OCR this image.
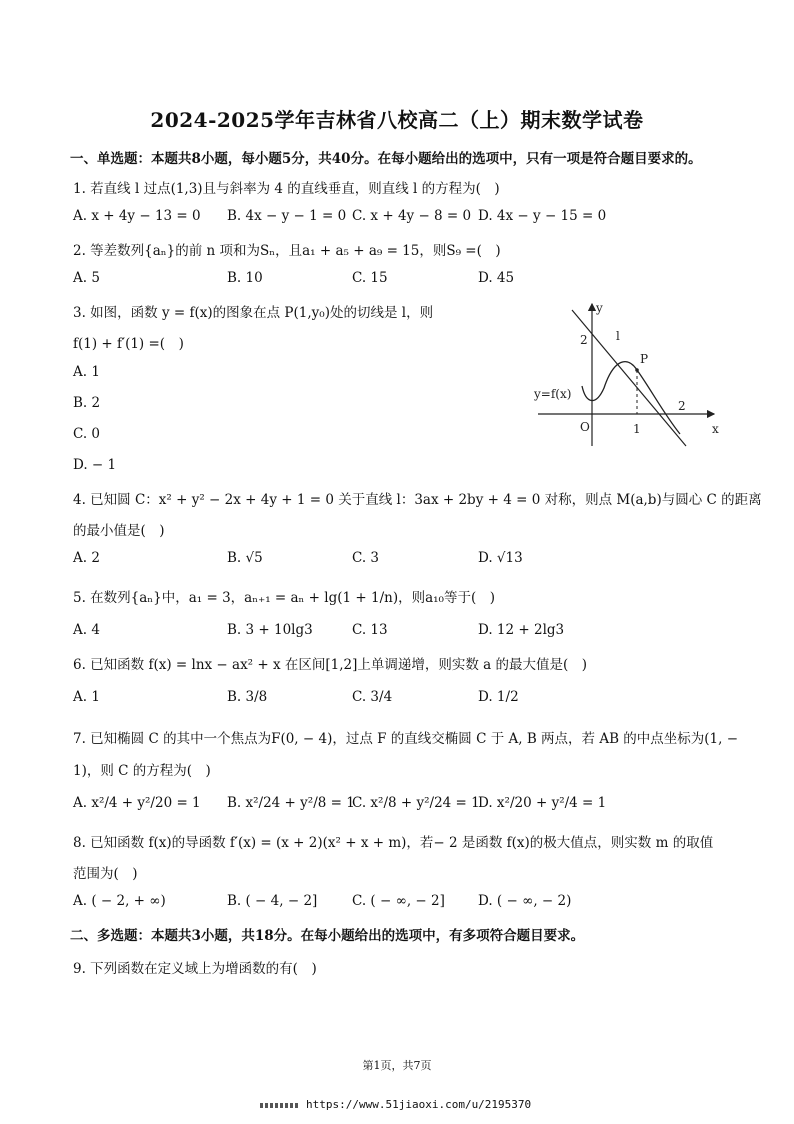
2024-2025学年吉林省八校高二（上）期末数学试卷
一、单选题：本题共8小题，每小题5分，共40分。在每小题给出的选项中，只有一项是符合题目要求的。
1. 若直线 l 过点(1,3)且与斜率为 4 的直线垂直，则直线 l 的方程为(　)
A. x + 4y − 13 = 0 B. 4x − y − 1 = 0 C. x + 4y − 8 = 0 D. 4x − y − 15 = 0
2. 等差数列{aₙ}的前 n 项和为Sₙ，且a₁ + a₅ + a₉ = 15，则S₉ =(　)
A. 5	B. 10	C. 15	D. 45
3. 如图，函数 y = f(x)的图象在点 P(1,y₀)处的切线是 l，则
f(1) + f′(1) =(　)
A. 1
B. 2
C. 0
D. − 1
y
x
O
2
1
2
l
P
y=f(x)
4. 已知圆 C：x² + y² − 2x + 4y + 1 = 0 关于直线 l：3ax + 2by + 4 = 0 对称，则点 M(a,b)与圆心 C 的距离
的最小值是(　)
A. 2	B. √5	C. 3	D. √13
5. 在数列{aₙ}中，a₁ = 3，aₙ₊₁ = aₙ + lg(1 + 1/n)，则a₁₀等于(　)
A. 4	B. 3 + 10lg3	C. 13	D. 12 + 2lg3
6. 已知函数 f(x) = lnx − ax² + x 在区间[1,2]上单调递增，则实数 a 的最大值是(　)
A. 1	B. 3/8	C. 3/4	D. 1/2
7. 已知椭圆 C 的其中一个焦点为F(0, − 4)，过点 F 的直线交椭圆 C 于 A, B 两点，若 AB 的中点坐标为(1, −
1)，则 C 的方程为(　)
A. x²/4 + y²/20 = 1 B. x²/24 + y²/8 = 1
C. x²/8 + y²/24 = 1
D. x²/20 + y²/4 = 1
8. 已知函数 f(x)的导函数 f′(x) = (x + 2)(x² + x + m)，若− 2 是函数 f(x)的极大值点，则实数 m 的取值
范围为(　)
A. ( − 2, + ∞)	B. ( − 4, − 2]	C. ( − ∞, − 2] D. ( − ∞, − 2)
二、多选题：本题共3小题，共18分。在每小题给出的选项中，有多项符合题目要求。
9. 下列函数在定义域上为增函数的有(　)
第1页，共7页
https://www.51jiaoxi.com/u/2195370
